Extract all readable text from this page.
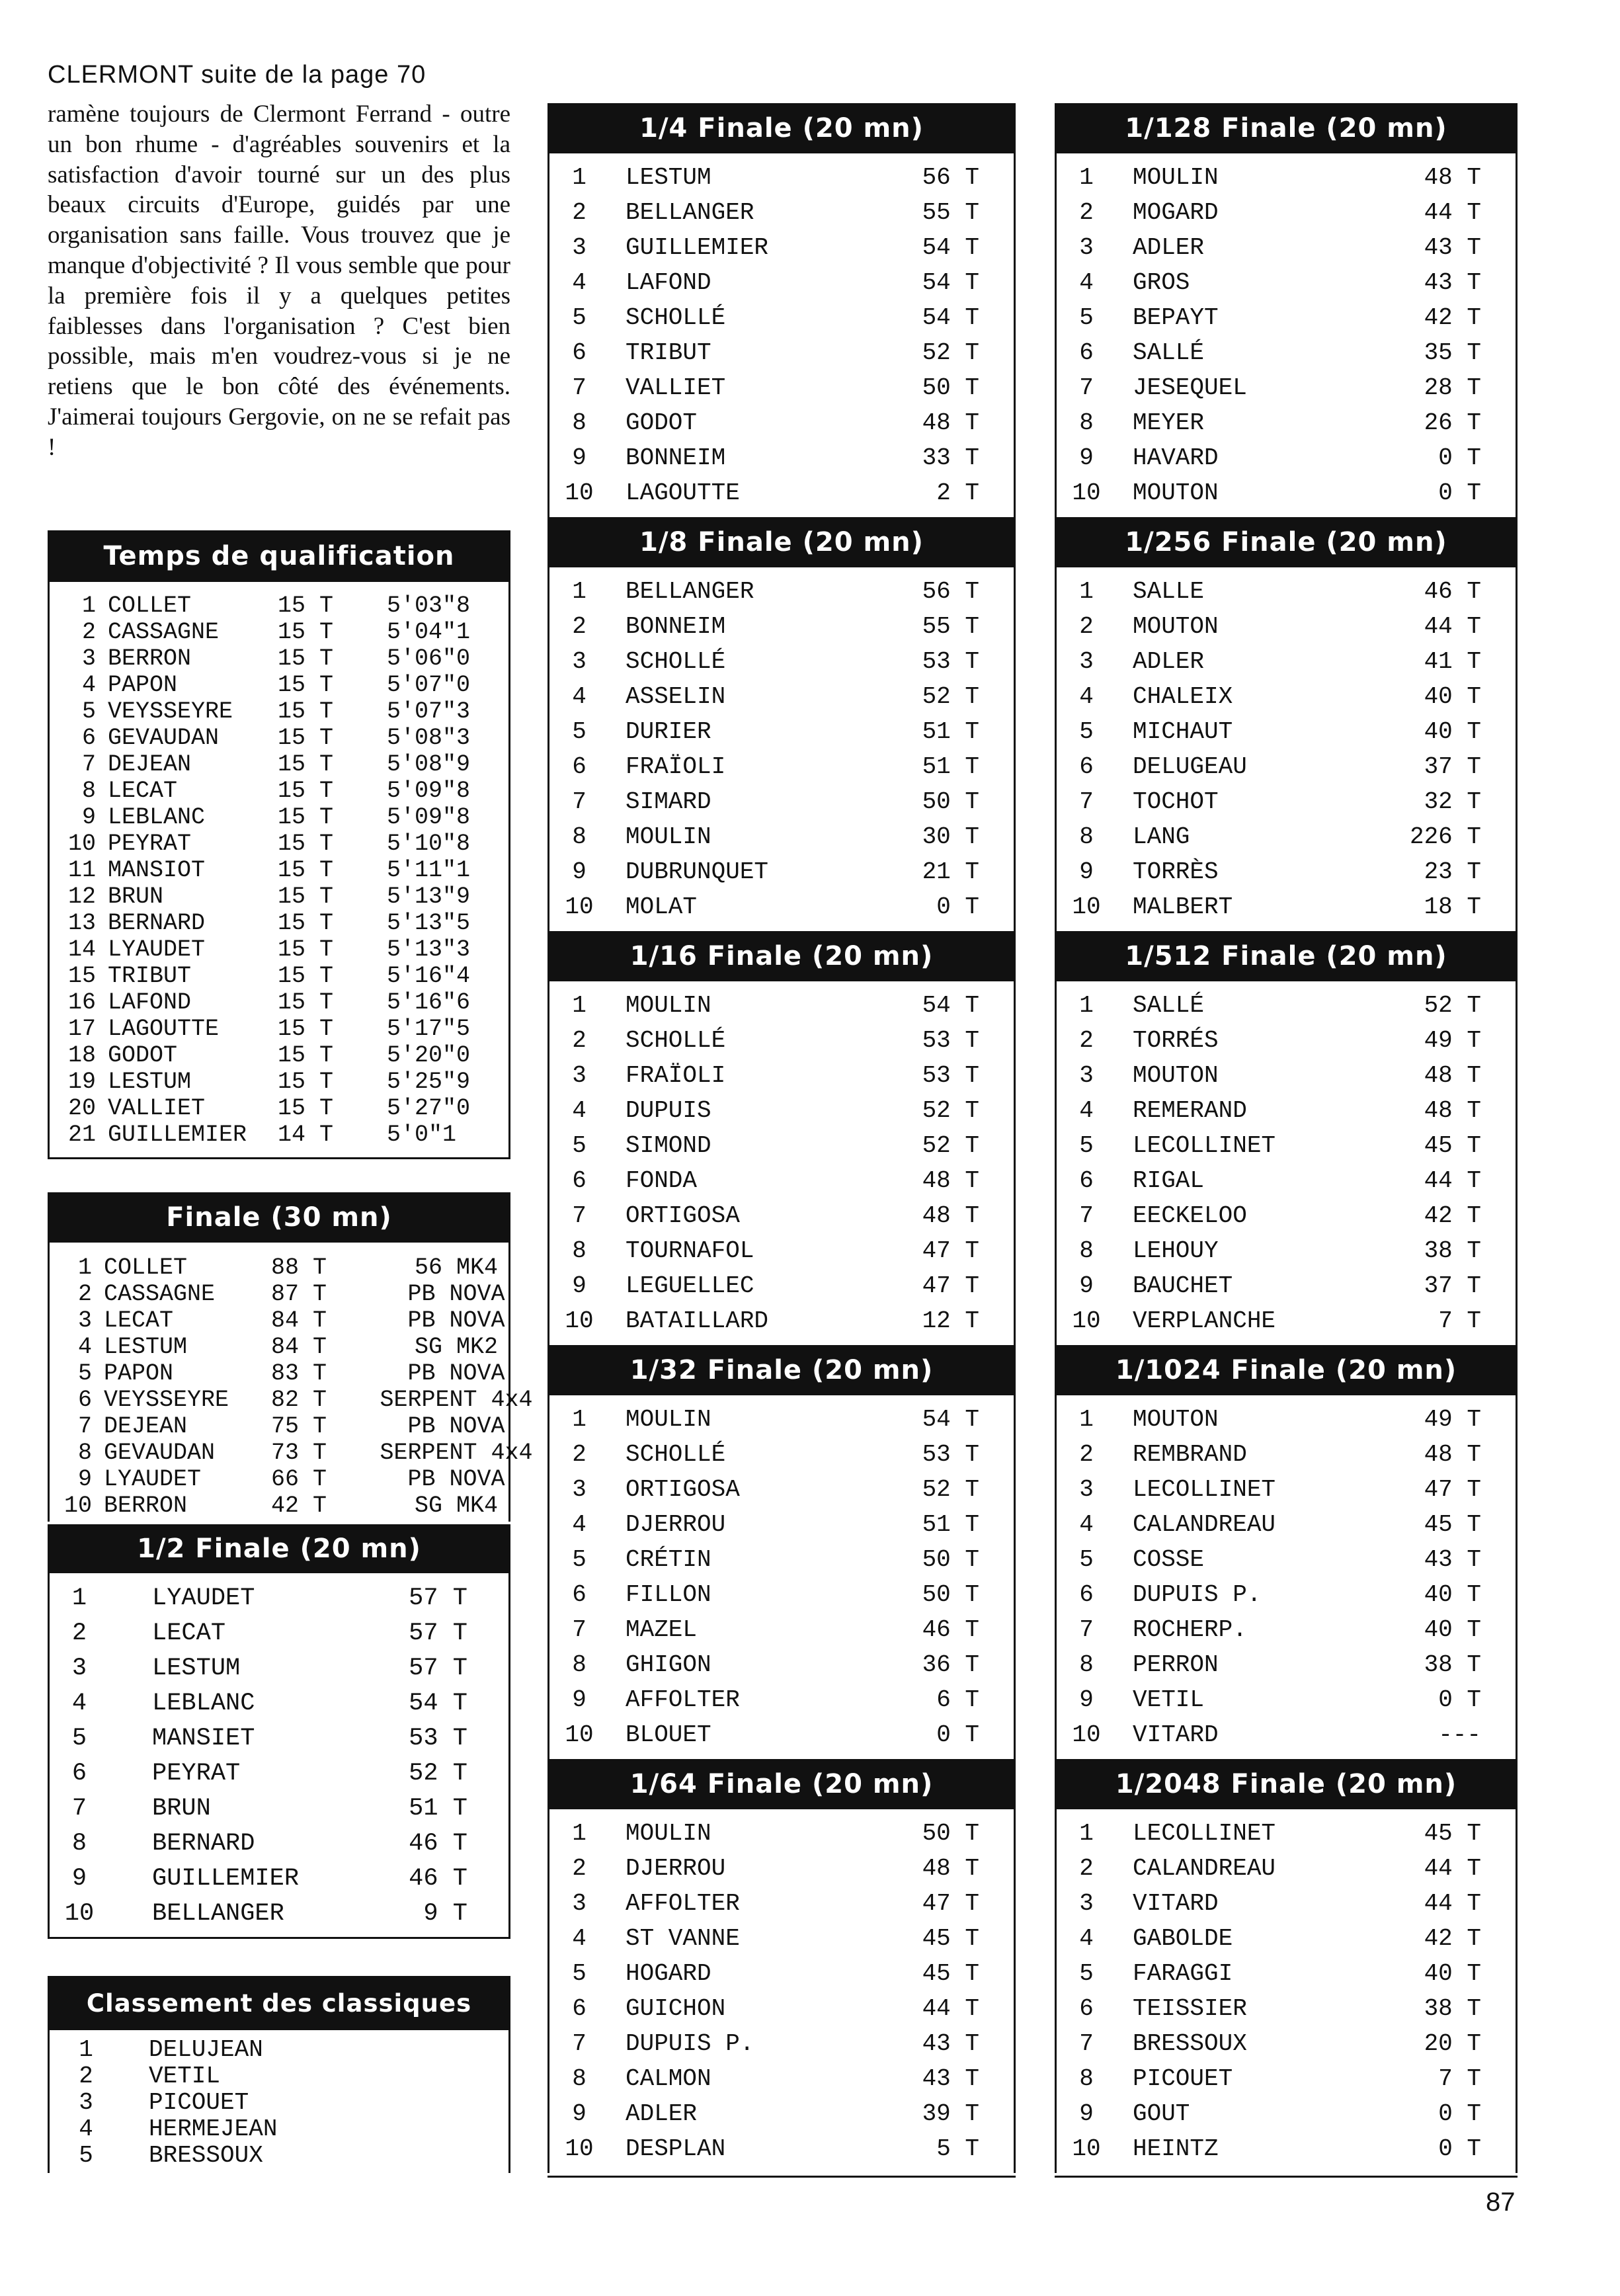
CLERMONT suite de la page 70

ramène toujours de Clermont Ferrand - outre un bon rhume - d'agréables souvenirs et la satisfaction d'avoir tourné sur un des plus beaux circuits d'Europe, guidés par une organisation sans faille. Vous trouvez que je manque d'objectivité ? Il vous semble que pour la première fois il y a quelques petites faiblesses dans l'organisation ? C'est bien possible, mais m'en voudrez-vous si je ne retiens que le bon côté des événements. J'aimerai toujours Gergovie, on ne se refait pas !

Temps de qualification
1 COLLET	15 T 5'03"8
2 CASSAGNE	15 T 5'04"1
3 BERRON	15 T 5'06"0
4 PAPON	15 T 5'07"0
5 VEYSSEYRE 15 T 5'07"3
6 GEVAUDAN	15 T 5'08"3
7 DEJEAN	15 T 5'08"9
8 LECAT	15 T 5'09"8
9 LEBLANC	15 T 5'09"8
10 PEYRAT	15 T 5'10"8
11 MANSIOT	15 T 5'11"1
12 BRUN	15 T 5'13"9
13 BERNARD	15 T 5'13"5
14 LYAUDET	15 T 5'13"3
15 TRIBUT	15 T 5'16"4
16 LAFOND	15 T 5'16"6
17 LAGOUTTE	15 T 5'17"5
18 GODOT	15 T 5'20"0
19 LESTUM	15 T 5'25"9
20 VALLIET	15 T 5'27"0
21 GUILLEMIER 14 T 5'0"1
Finale (30 mn)
1 COLLET	88 T	56 MK4
2 CASSAGNE 87 T	PB NOVA
3 LECAT	84 T	PB NOVA
4 LESTUM	84 T	SG MK2
5 PAPON	83 T	PB NOVA
6 VEYSSEYRE 82 T	SERPENT 4x4
7 DEJEAN	75 T	PB NOVA
8 GEVAUDAN 73 T	SERPENT 4x4
9 LYAUDET	66 T	PB NOVA
10 BERRON	42 T	SG MK4
1/2 Finale (20 mn)
1	LYAUDET	57 T
2	LECAT	57 T
3	LESTUM	57 T
4	LEBLANC	54 T
5	MANSIET	53 T
6	PEYRAT	52 T
7	BRUN	51 T
8	BERNARD	46 T
9	GUILLEMIER	46 T
10	BELLANGER	9 T
Classement des classiques
1	DELUJEAN
2	VETIL
3	PICOUET
4	HERMEJEAN
5	BRESSOUX
1/4 Finale (20 mn)
1	LESTUM	56 T
2	BELLANGER	55 T
3	GUILLEMIER	54 T
4	LAFOND	54 T
5	SCHOLLÉ	54 T
6	TRIBUT	52 T
7	VALLIET	50 T
8	GODOT	48 T
9	BONNEIM	33 T
10	LAGOUTTE	2 T
1/8 Finale (20 mn)
1	BELLANGER	56 T
2	BONNEIM	55 T
3	SCHOLLÉ	53 T
4	ASSELIN	52 T
5	DURIER	51 T
6	FRAÏOLI	51 T
7	SIMARD	50 T
8	MOULIN	30 T
9	DUBRUNQUET	21 T
10	MOLAT	0 T
1/16 Finale (20 mn)
1	MOULIN	54 T
2	SCHOLLÉ	53 T
3	FRAÏOLI	53 T
4	DUPUIS	52 T
5	SIMOND	52 T
6	FONDA	48 T
7	ORTIGOSA	48 T
8	TOURNAFOL	47 T
9	LEGUELLEC	47 T
10	BATAILLARD	12 T
1/32 Finale (20 mn)
1	MOULIN	54 T
2	SCHOLLÉ	53 T
3	ORTIGOSA	52 T
4	DJERROU	51 T
5	CRÉTIN	50 T
6	FILLON	50 T
7	MAZEL	46 T
8	GHIGON	36 T
9	AFFOLTER	6 T
10	BLOUET	0 T
1/64 Finale (20 mn)
1	MOULIN	50 T
2	DJERROU	48 T
3	AFFOLTER	47 T
4	ST VANNE	45 T
5	HOGARD	45 T
6	GUICHON	44 T
7	DUPUIS P.	43 T
8	CALMON	43 T
9	ADLER	39 T
10	DESPLAN	5 T
1/128 Finale (20 mn)
1	MOULIN	48 T
2	MOGARD	44 T
3	ADLER	43 T
4	GROS	43 T
5	BEPAYT	42 T
6	SALLÉ	35 T
7	JESEQUEL	28 T
8	MEYER	26 T
9	HAVARD	0 T
10	MOUTON	0 T
1/256 Finale (20 mn)
1	SALLE	46 T
2	MOUTON	44 T
3	ADLER	41 T
4	CHALEIX	40 T
5	MICHAUT	40 T
6	DELUGEAU	37 T
7	TOCHOT	32 T
8	LANG	226 T
9	TORRÈS	23 T
10	MALBERT	18 T
1/512 Finale (20 mn)
1	SALLÉ	52 T
2	TORRÉS	49 T
3	MOUTON	48 T
4	REMERAND	48 T
5	LECOLLINET	45 T
6	RIGAL	44 T
7	EECKELOO	42 T
8	LEHOUY	38 T
9	BAUCHET	37 T
10	VERPLANCHE	7 T
1/1024 Finale (20 mn)
1	MOUTON	49 T
2	REMBRAND	48 T
3	LECOLLINET	47 T
4	CALANDREAU	45 T
5	COSSE	43 T
6	DUPUIS P.	40 T
7	ROCHERP.	40 T
8	PERRON	38 T
9	VETIL	0 T
10	VITARD	---
1/2048 Finale (20 mn)
1	LECOLLINET	45 T
2	CALANDREAU	44 T
3	VITARD	44 T
4	GABOLDE	42 T
5	FARAGGI	40 T
6	TEISSIER	38 T
7	BRESSOUX	20 T
8	PICOUET	7 T
9	GOUT	0 T
10	HEINTZ	0 T

87
